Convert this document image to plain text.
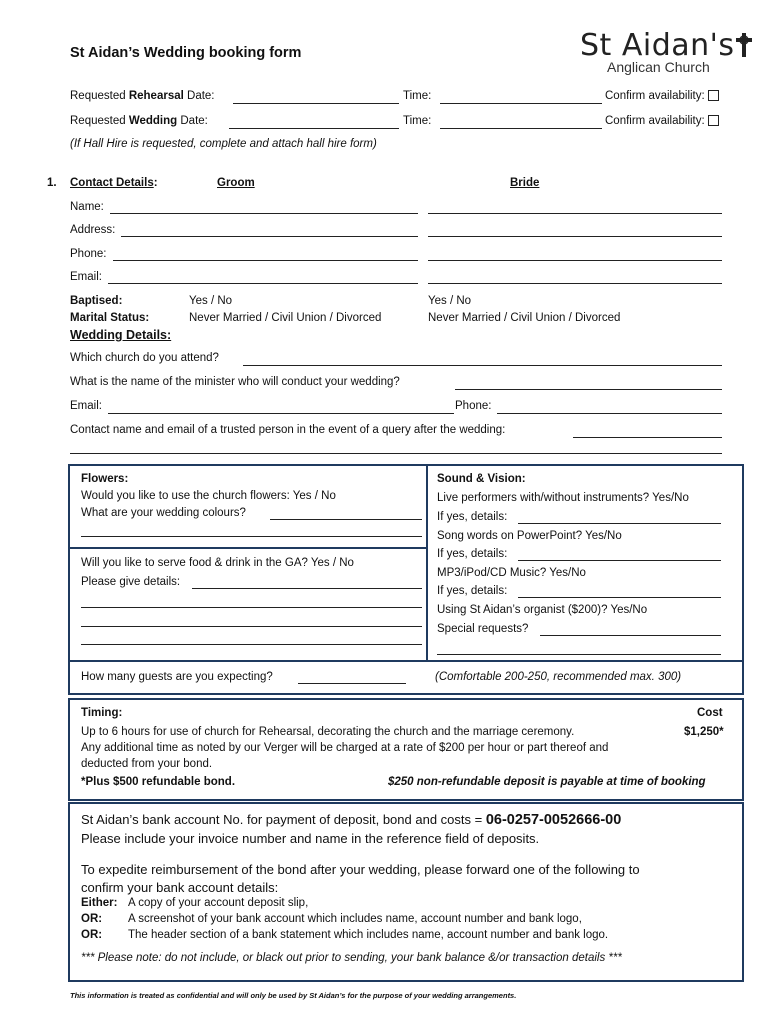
St Aidan’s Wedding booking form	St Aidan's
Anglican Church
Requested Rehearsal Date:	Time:	Confirm availability:
Requested Wedding Date:	Time:	Confirm availability:
(If Hall Hire is requested, complete and attach hall hire form)
1. Contact Details:	Groom	Bride
Name:
Address:
Phone:
Email:
Baptised:	Yes / No	Yes / No
Marital Status:	Never Married / Civil Union / Divorced	Never Married / Civil Union / Divorced
Wedding Details:
Which church do you attend?
What is the name of the minister who will conduct your wedding?
Email:	Phone:
Contact name and email of a trusted person in the event of a query after the wedding:
Flowers:
Would you like to use the church flowers: Yes / No
What are your wedding colours?
Will you like to serve food & drink in the GA? Yes / No
Please give details:
Sound & Vision:
Live performers with/without instruments? Yes/No
If yes, details:
Song words on PowerPoint? Yes/No
If yes, details:
MP3/iPod/CD Music? Yes/No
If yes, details:
Using St Aidan’s organist ($200)? Yes/No
Special requests?
How many guests are you expecting?	(Comfortable 200-250, recommended max. 300)
Timing:	Cost
Up to 6 hours for use of church for Rehearsal, decorating the church and the marriage ceremony.	$1,250*
Any additional time as noted by our Verger will be charged at a rate of $200 per hour or part thereof and
deducted from your bond.
*Plus $500 refundable bond.	$250 non-refundable deposit is payable at time of booking
St Aidan’s bank account No. for payment of deposit, bond and costs = 06-0257-0052666-00
Please include your invoice number and name in the reference field of deposits.
To expedite reimbursement of the bond after your wedding, please forward one of the following to
confirm your bank account details:
Either: A copy of your account deposit slip,
OR: A screenshot of your bank account which includes name, account number and bank logo,
OR: The header section of a bank statement which includes name, account number and bank logo.
*** Please note: do not include, or black out prior to sending, your bank balance &/or transaction details ***
This information is treated as confidential and will only be used by St Aidan’s for the purpose of your wedding arrangements.
